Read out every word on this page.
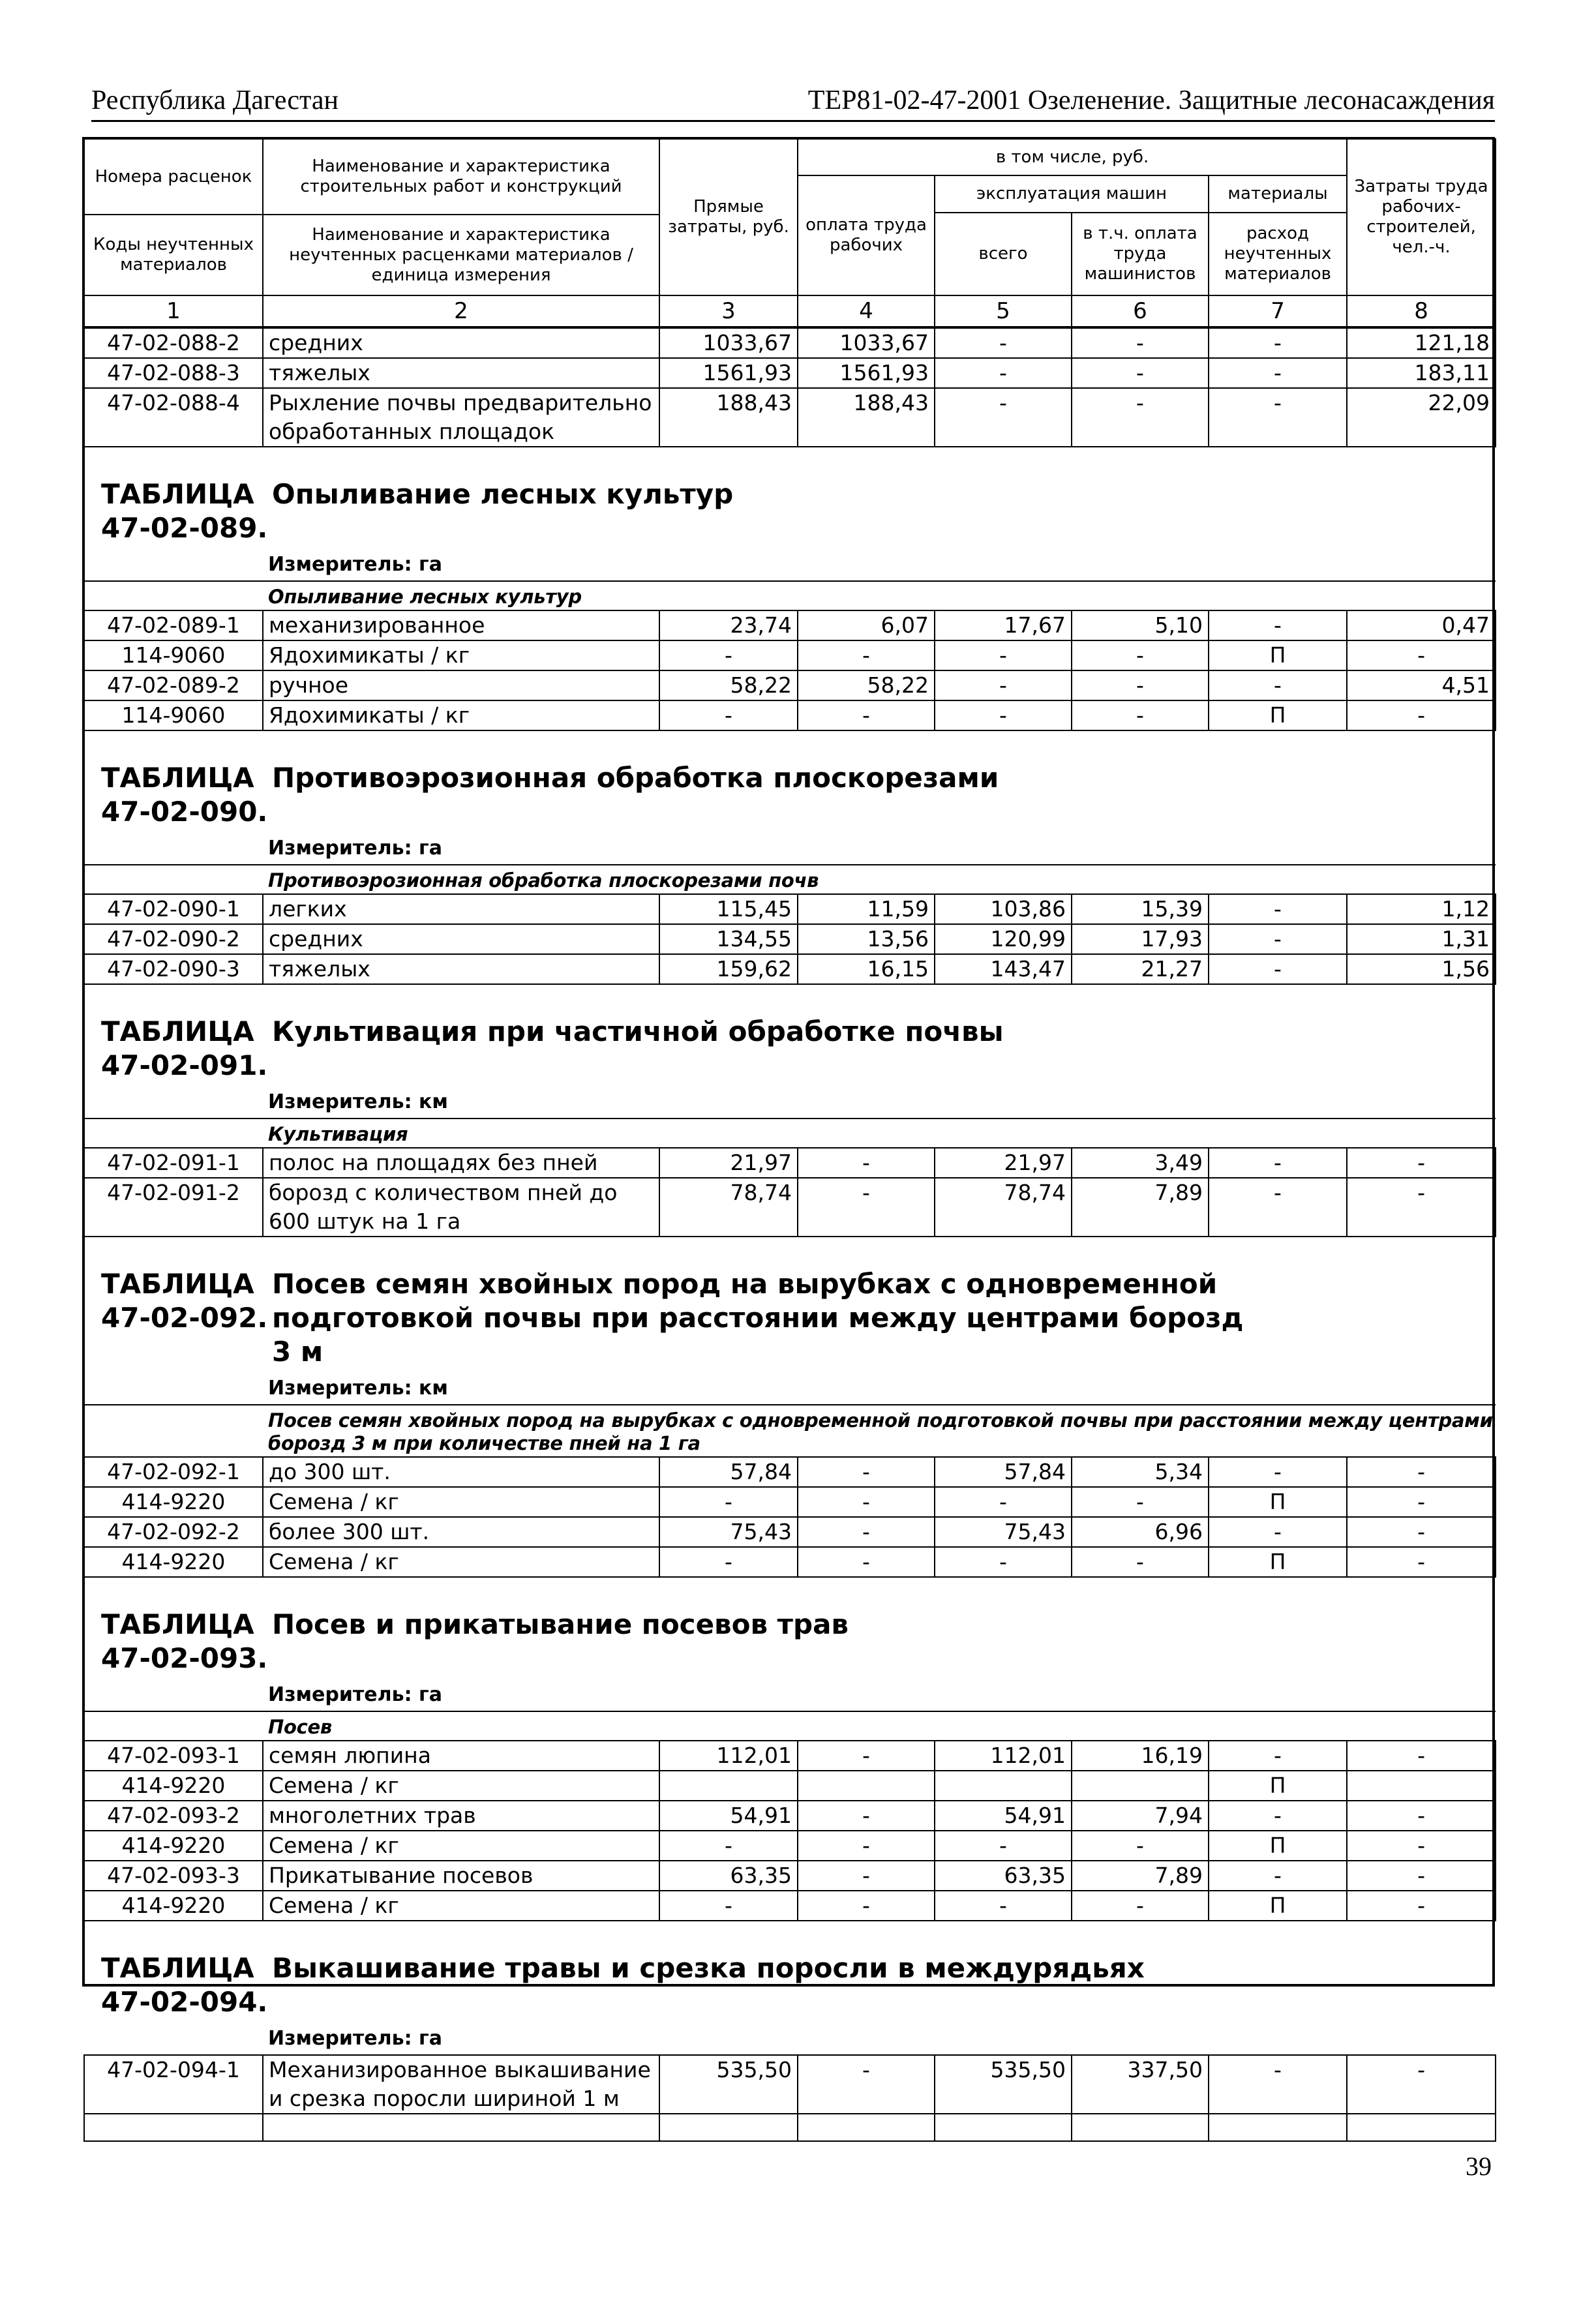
Республика Дагестан	ТЕР81-02-47-2001 Озеленение. Защитные лесонасаждения
Номера расценок	Наименование и характеристика строительных работ и конструкций	Прямые затраты, руб.	в том числе, руб.				Затраты труда рабочих-строителей, чел.-ч.
			оплата труда рабочих	эксплуатация машин		материалы	
				всего	в т.ч. оплата труда машинистов	расход неучтенных материалов	

Коды неучтенных материалов	Наименование и характеристика неучтенных расценками материалов / единица измерения						

1	2	3	4	5	6	7	8
47-02-088-2	средних	1033,67	1033,67	-	-	-	121,18
47-02-088-3	тяжелых	1561,93	1561,93	-	-	-	183,11
47-02-088-4	Рыхление почвы предварительно обработанных площадок	188,43	188,43	-	-	-	22,09

ТАБЛИЦА 47-02-089.Опыливание лесных культур							
Измеритель: га							
Опыливание лесных культур							
47-02-089-1	механизированное	23,74	6,07	17,67	5,10	-	0,47
114-9060	Ядохимикаты / кг	-	-	-	-	П	-
47-02-089-2	ручное	58,22	58,22	-	-	-	4,51
114-9060	Ядохимикаты / кг	-	-	-	-	П	-

ТАБЛИЦА 47-02-090.Противоэрозионная обработка плоскорезами							
Измеритель: га							
Противоэрозионная обработка плоскорезами почв							
47-02-090-1	легких	115,45	11,59	103,86	15,39	-	1,12
47-02-090-2	средних	134,55	13,56	120,99	17,93	-	1,31
47-02-090-3	тяжелых	159,62	16,15	143,47	21,27	-	1,56

ТАБЛИЦА 47-02-091.Культивация при частичной обработке почвы							
Измеритель: км							
Культивация							
47-02-091-1	полос на площадях без пней	21,97	-	21,97	3,49	-	-
47-02-091-2	борозд с количеством пней до 600 штук на 1 га	78,74	-	78,74	7,89	-	-

ТАБЛИЦА 47-02-092.Посев семян хвойных пород на вырубках с одновременной подготовкой почвы при расстоянии между центрами борозд 3 м							
Измеритель: км							
Посев семян хвойных пород на вырубках с одновременной подготовкой почвы при расстоянии между центрами борозд 3 м при количестве пней на 1 га							
47-02-092-1	до 300 шт.	57,84	-	57,84	5,34	-	-
414-9220	Семена / кг	-	-	-	-	П	-
47-02-092-2	более 300 шт.	75,43	-	75,43	6,96	-	-
414-9220	Семена / кг	-	-	-	-	П	-

ТАБЛИЦА 47-02-093.Посев и прикатывание посевов трав							
Измеритель: га							
Посев							
47-02-093-1	семян люпина	112,01	-	112,01	16,19	-	-
414-9220	Семена / кг					П	
47-02-093-2	многолетних трав	54,91	-	54,91	7,94	-	-
414-9220	Семена / кг	-	-	-	-	П	-
47-02-093-3	Прикатывание посевов	63,35	-	63,35	7,89	-	-
414-9220	Семена / кг	-	-	-	-	П	-

ТАБЛИЦА 47-02-094.Выкашивание травы и срезка поросли в междурядьях							
Измеритель: га							
47-02-094-1	Механизированное выкашивание и срезка поросли шириной 1 м	535,50	-	535,50	337,50	-	-

39
